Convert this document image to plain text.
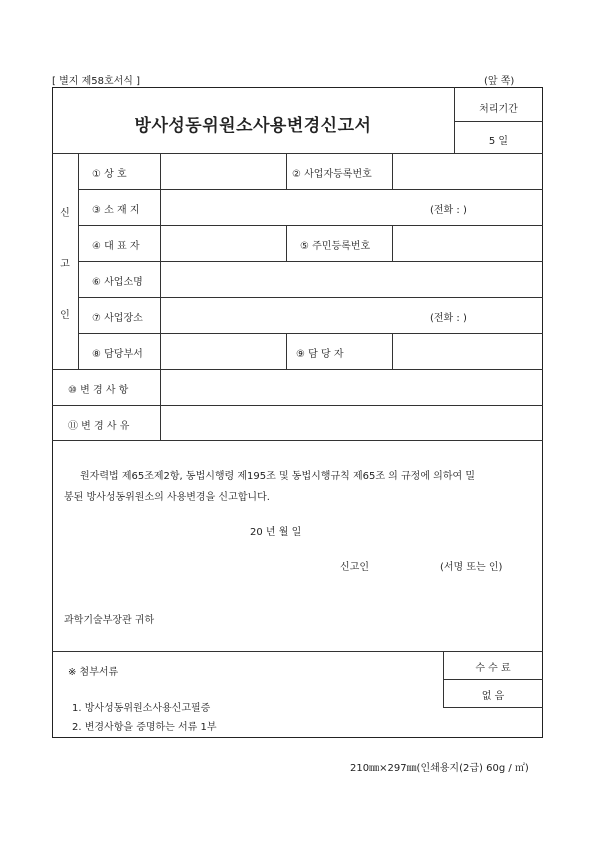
[ 별지 제58호서식 ]	(앞 쪽)
방사성동위원소사용변경신고서
처리기간
5 일
신
고
인
① 상 호	② 사업자등록번호
③ 소 재 지	(전화 : )
④ 대 표 자	⑤ 주민등록번호
⑥ 사업소명
⑦ 사업장소	(전화 : )
⑧ 담당부서	⑨ 담 당 자
⑩ 변 경 사 항
⑪ 변 경 사 유
원자력법 제65조제2항, 동법시행령 제195조 및 동법시행규칙 제65조 의 규정에 의하여 밀
봉된 방사성동위원소의 사용변경을 신고합니다.
20 년 월 일
신고인	(서명 또는 인)
과학기술부장관 귀하
※ 첨부서류
1. 방사성동위원소사용신고필증
2. 변경사항을 증명하는 서류 1부
수 수 료
없 음
210㎜×297㎜(인쇄용지(2급) 60g / ㎡)
